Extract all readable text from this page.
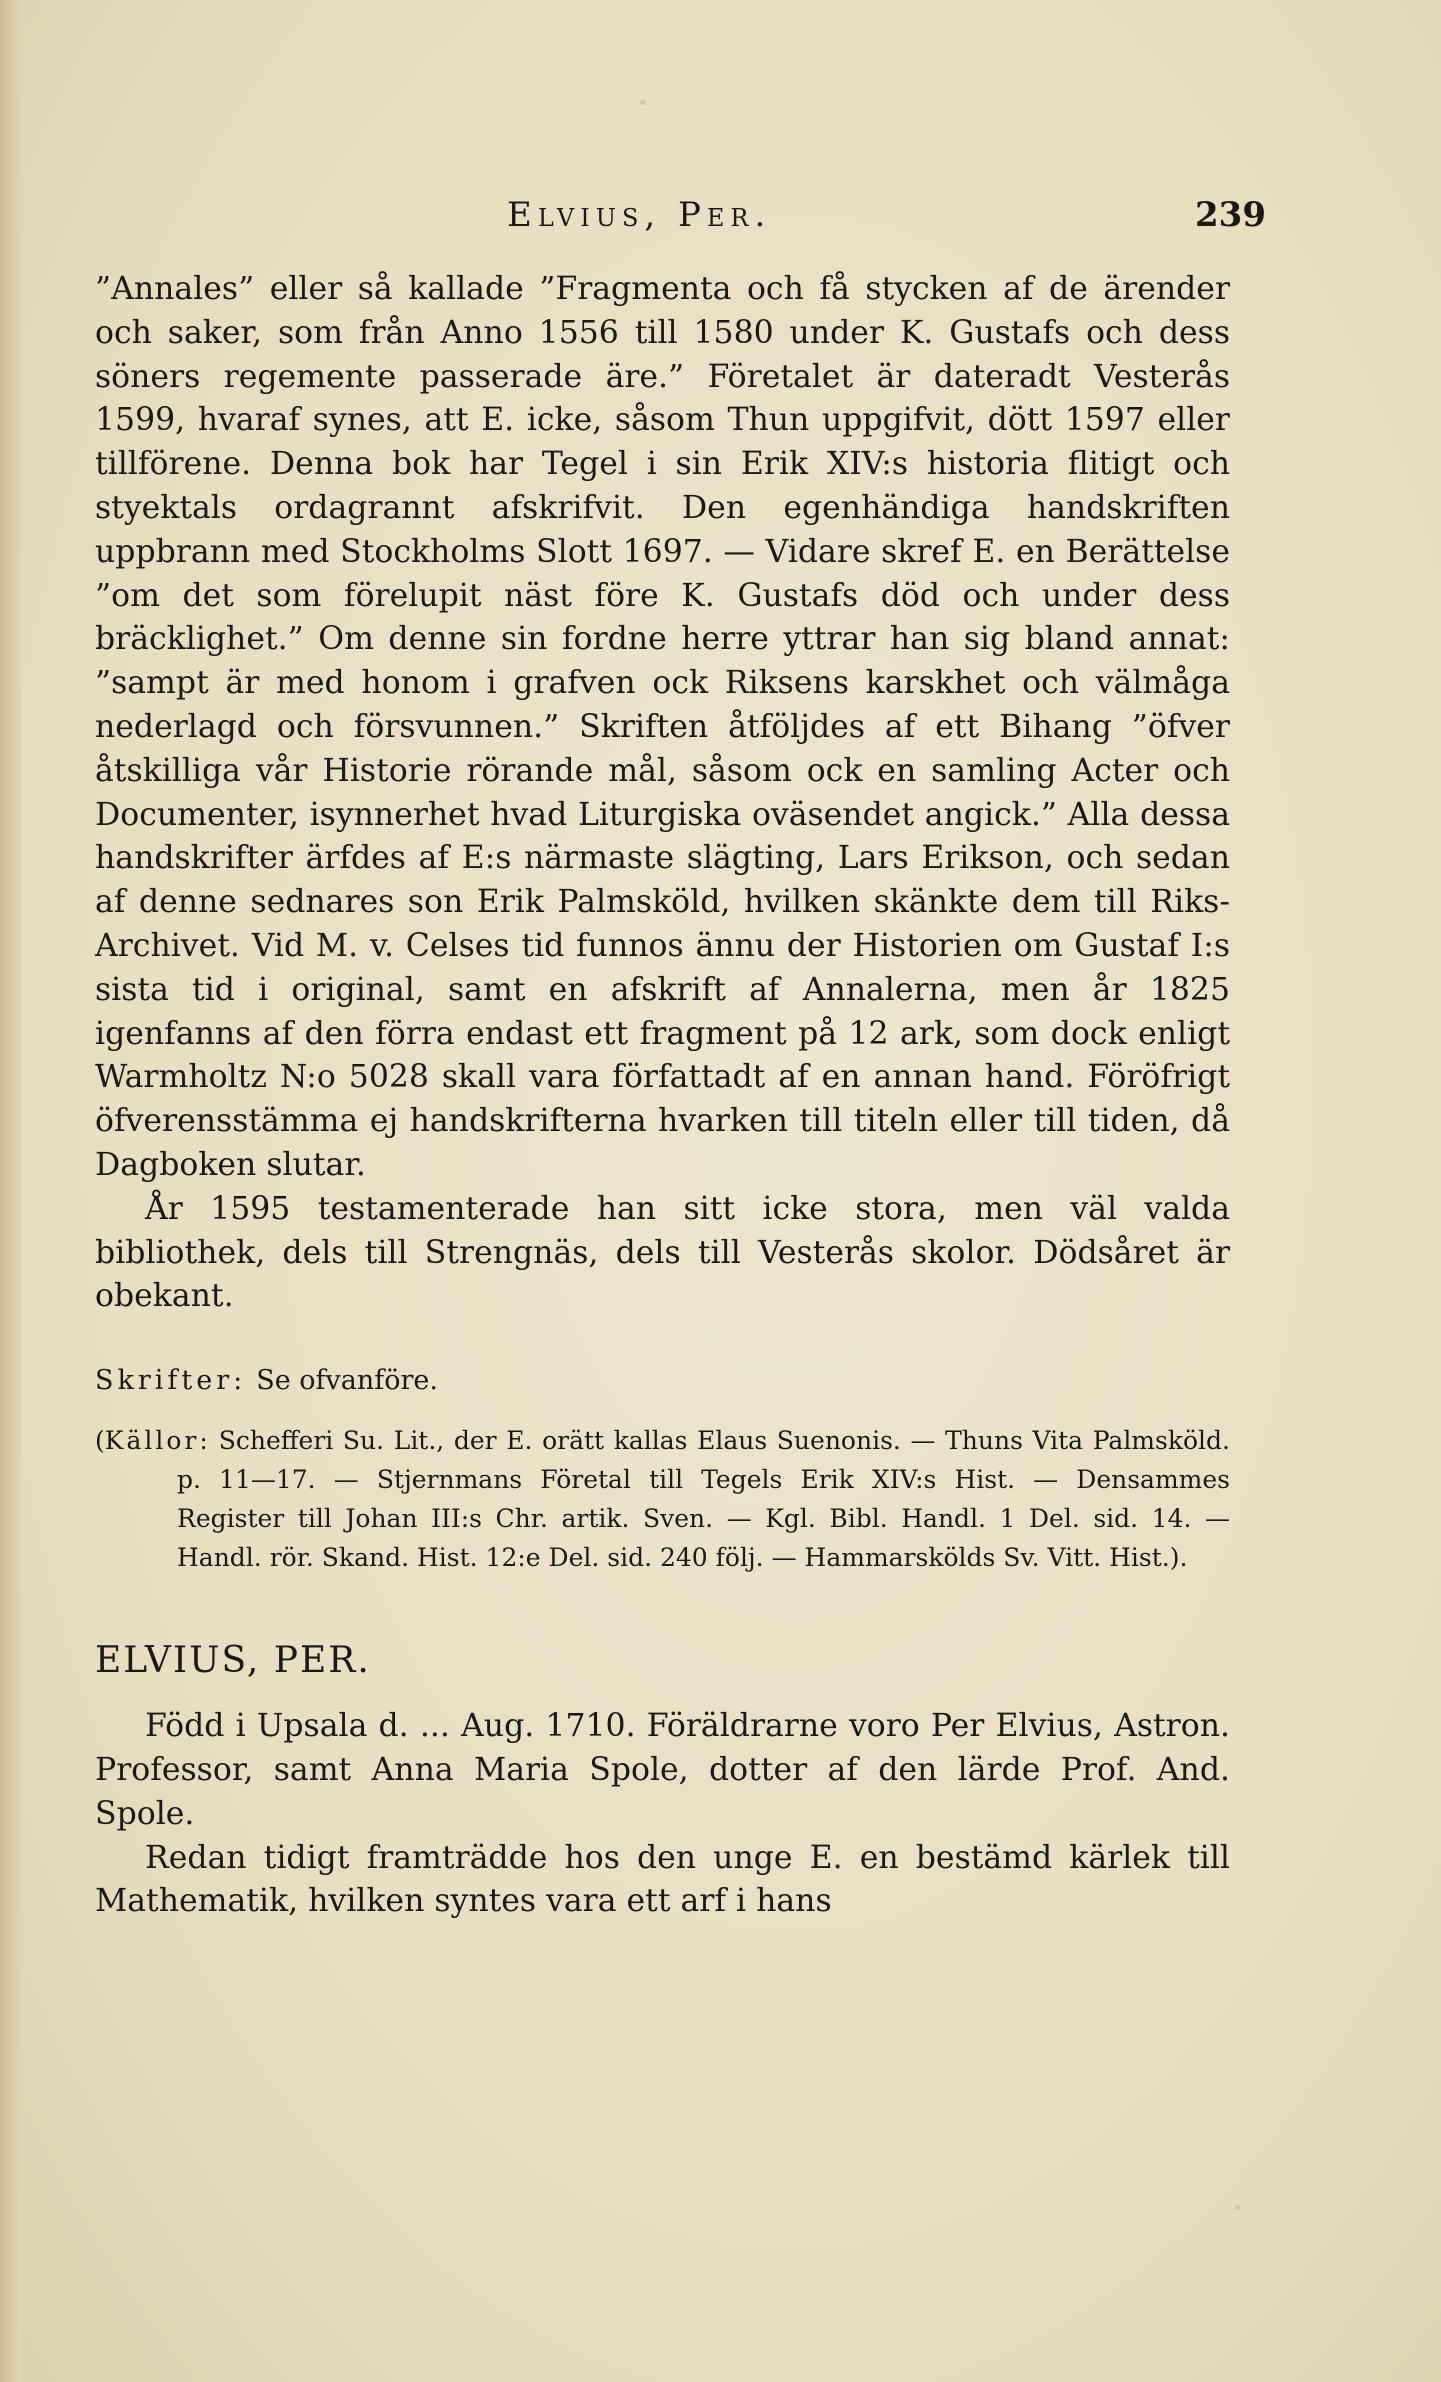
Elvius, Per.	239

”Annales” eller så kallade ”Fragmenta och få stycken af de ärender och saker, som från Anno 1556 till 1580 under K. Gustafs och dess söners regemente passerade äre.” Företalet är dateradt Vesterås 1599, hvaraf synes, att E. icke, såsom Thun uppgifvit, dött 1597 eller tillförene. Denna bok har Tegel i sin Erik XIV:s historia flitigt och styektals ordagrannt afskrifvit. Den egenhändiga handskriften uppbrann med Stockholms Slott 1697. — Vidare skref E. en Berättelse ”om det som förelupit näst före K. Gustafs död och under dess bräcklighet.” Om denne sin fordne herre yttrar han sig bland annat: ”sampt är med honom i grafven ock Riksens karskhet och välmåga nederlagd och försvunnen.” Skriften åtföljdes af ett Bihang ”öfver åtskilliga vår Historie rörande mål, såsom ock en samling Acter och Documenter, isynnerhet hvad Liturgiska oväsendet angick.” Alla dessa handskrifter ärfdes af E:s närmaste slägting, Lars Erikson, och sedan af denne sednares son Erik Palmsköld, hvilken skänkte dem till Riks-Archivet. Vid M. v. Celses tid funnos ännu der Historien om Gustaf I:s sista tid i original, samt en afskrift af Annalerna, men år 1825 igenfanns af den förra endast ett fragment på 12 ark, som dock enligt Warmholtz N:o 5028 skall vara författadt af en annan hand. Föröfrigt öfverensstämma ej handskrifterna hvarken till titeln eller till tiden, då Dagboken slutar.

År 1595 testamenterade han sitt icke stora, men väl valda bibliothek, dels till Strengnäs, dels till Vesterås skolor. Dödsåret är obekant.

Skrifter: Se ofvanföre.
(Källor: Schefferi Su. Lit., der E. orätt kallas Elaus Suenonis. — Thuns Vita Palmsköld. p. 11—17. — Stjernmans Företal till Tegels Erik XIV:s Hist. — Densammes Register till Johan III:s Chr. artik. Sven. — Kgl. Bibl. Handl. 1 Del. sid. 14. — Handl. rör. Skand. Hist. 12:e Del. sid. 240 följ. — Hammarskölds Sv. Vitt. Hist.).
ELVIUS, PER.

Född i Upsala d. ... Aug. 1710. Föräldrarne voro Per Elvius, Astron. Professor, samt Anna Maria Spole, dotter af den lärde Prof. And. Spole.

Redan tidigt framträdde hos den unge E. en bestämd kärlek till Mathematik, hvilken syntes vara ett arf i hans
